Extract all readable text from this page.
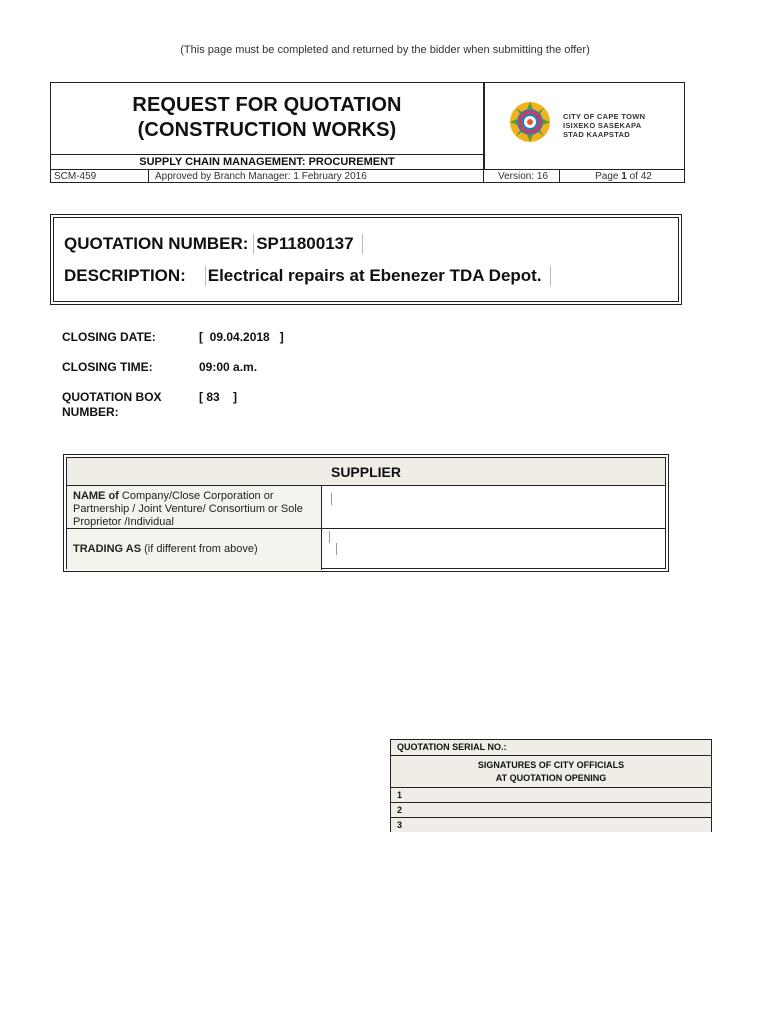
(This page must be completed and returned by the bidder when submitting the offer)
REQUEST FOR QUOTATION
(CONSTRUCTION WORKS)
CITY OF CAPE TOWN
ISIXEKO SASEKAPA
STAD KAAPSTAD
SUPPLY CHAIN MANAGEMENT: PROCUREMENT
SCM-459	Approved by Branch Manager: 1 February 2016	Version: 16	Page 1 of 42
QUOTATION NUMBER: SP11800137
DESCRIPTION: Electrical repairs at Ebenezer TDA Depot.
CLOSING DATE:	[  09.04.2018   ]
CLOSING TIME:	09:00 a.m.
QUOTATION BOX
NUMBER:
[ 83    ]
SUPPLIER
NAME of Company/Close Corporation or Partnership / Joint Venture/ Consortium or Sole Proprietor /Individual
TRADING AS (if different from above)
QUOTATION SERIAL NO.:
SIGNATURES OF CITY OFFICIALS
AT QUOTATION OPENING
1
2
3
